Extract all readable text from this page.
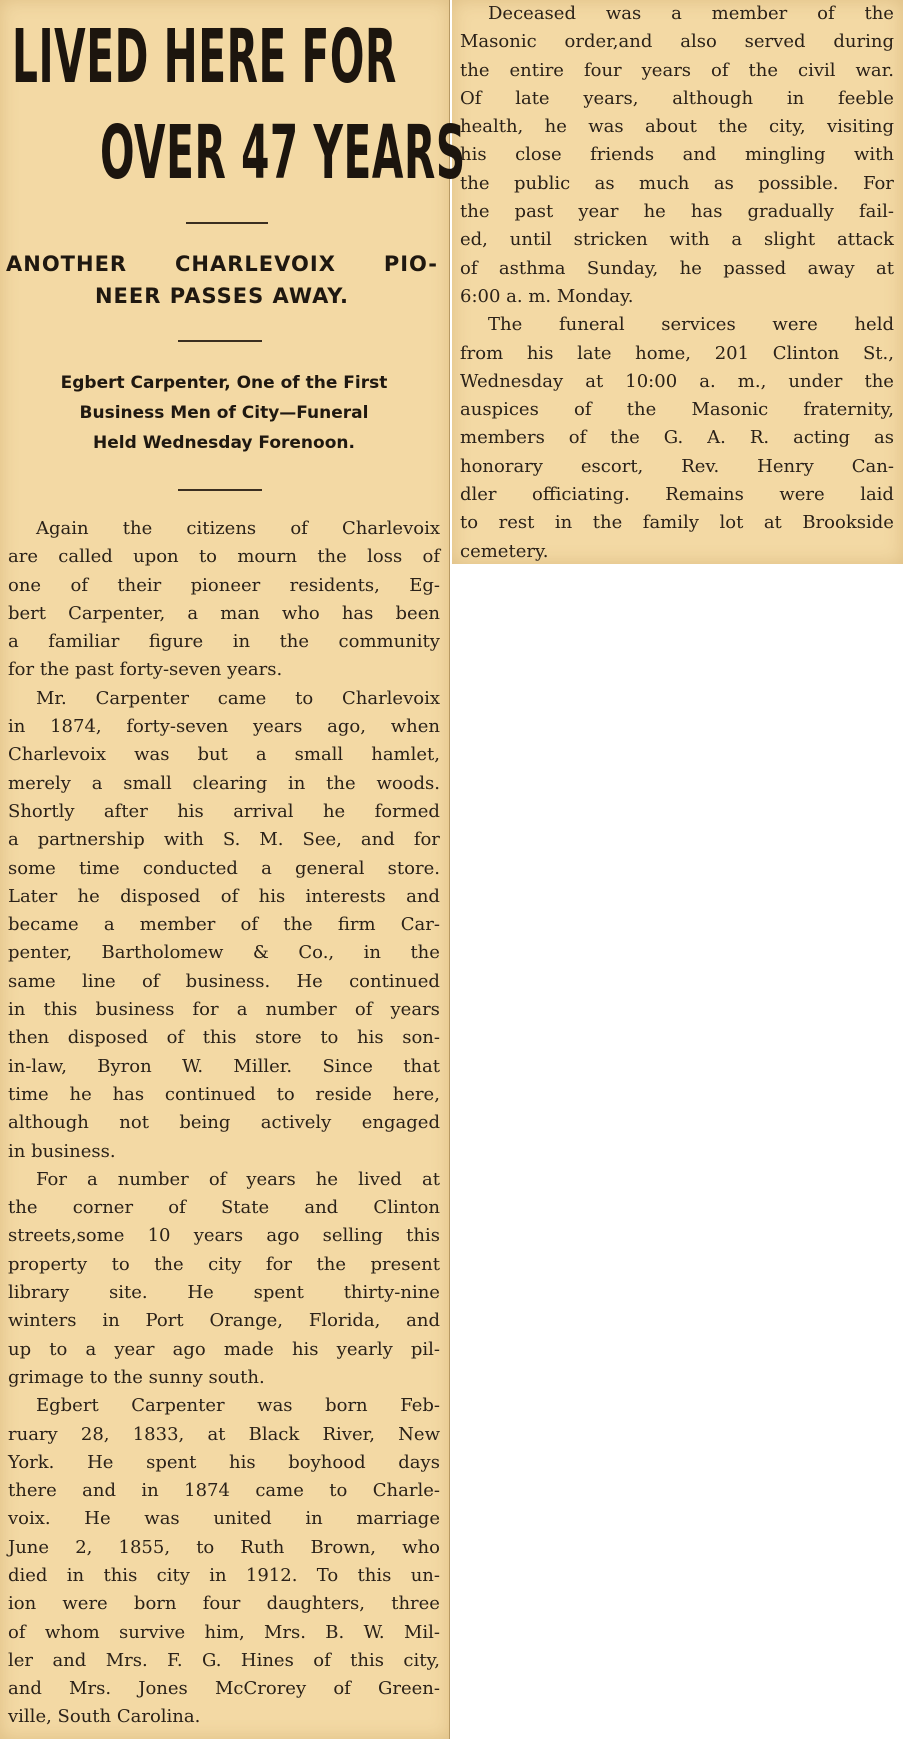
LIVED HERE FOR
OVER 47 YEARS
ANOTHER CHARLEVOIX PIO-
NEER PASSES AWAY.
Egbert Carpenter, One of the First
Business Men of City—Funeral
Held Wednesday Forenoon.
Again the citizens of Charlevoix
are called upon to mourn the loss of
one of their pioneer residents, Eg-
bert Carpenter, a man who has been
a familiar figure in the community
for the past forty-seven years.
Mr. Carpenter came to Charlevoix
in 1874, forty-seven years ago, when
Charlevoix was but a small hamlet,
merely a small clearing in the woods.
Shortly after his arrival he formed
a partnership with S. M. See, and for
some time conducted a general store.
Later he disposed of his interests and
became a member of the firm Car-
penter, Bartholomew & Co., in the
same line of business. He continued
in this business for a number of years
then disposed of this store to his son-
in-law, Byron W. Miller. Since that
time he has continued to reside here,
although not being actively engaged
in business.
For a number of years he lived at
the corner of State and Clinton
streets,some 10 years ago selling this
property to the city for the present
library site. He spent thirty-nine
winters in Port Orange, Florida, and
up to a year ago made his yearly pil-
grimage to the sunny south.
Egbert Carpenter was born Feb-
ruary 28, 1833, at Black River, New
York. He spent his boyhood days
there and in 1874 came to Charle-
voix. He was united in marriage
June 2, 1855, to Ruth Brown, who
died in this city in 1912. To this un-
ion were born four daughters, three
of whom survive him, Mrs. B. W. Mil-
ler and Mrs. F. G. Hines of this city,
and Mrs. Jones McCrorey of Green-
ville, South Carolina.
Deceased was a member of the
Masonic order,and also served during
the entire four years of the civil war.
Of late years, although in feeble
health, he was about the city, visiting
his close friends and mingling with
the public as much as possible. For
the past year he has gradually fail-
ed, until stricken with a slight attack
of asthma Sunday, he passed away at
6:00 a. m. Monday.
The funeral services were held
from his late home, 201 Clinton St.,
Wednesday at 10:00 a. m., under the
auspices of the Masonic fraternity,
members of the G. A. R. acting as
honorary escort, Rev. Henry Can-
dler officiating. Remains were laid
to rest in the family lot at Brookside
cemetery.
